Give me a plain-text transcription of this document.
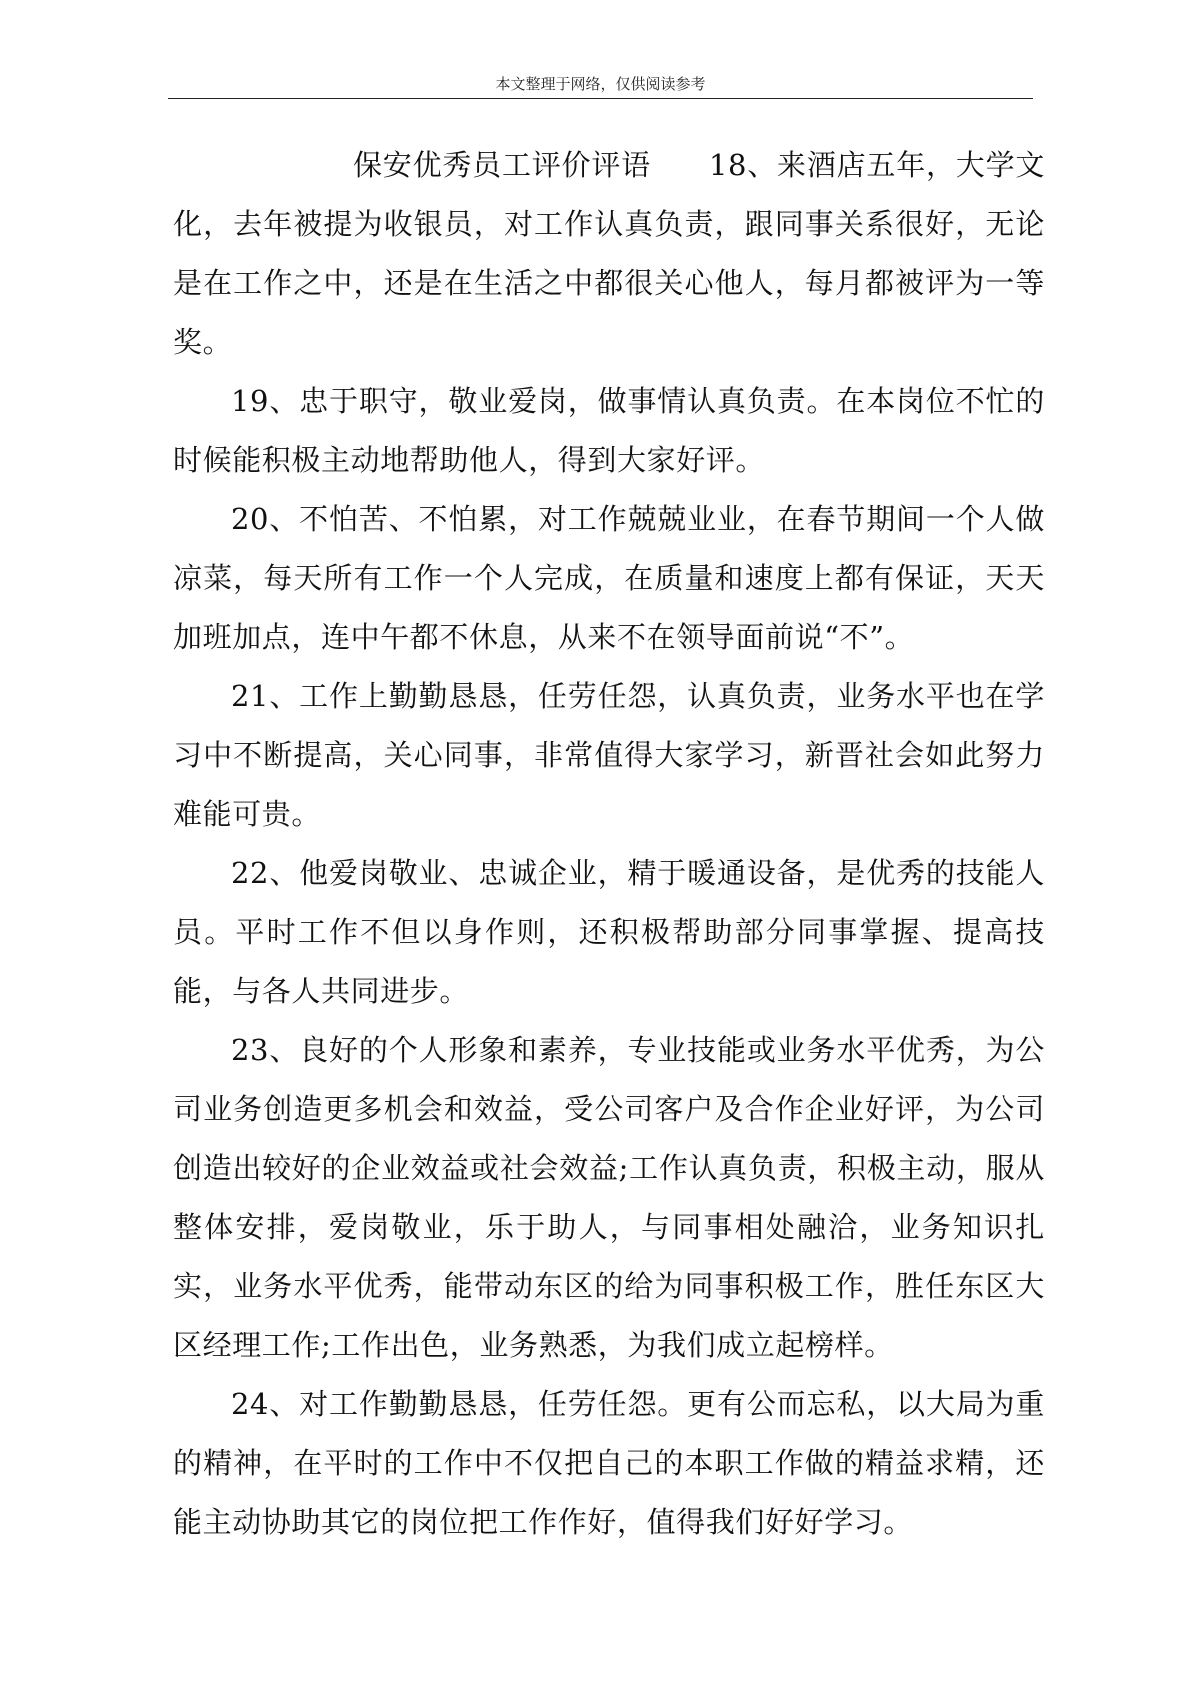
本文整理于网络，仅供阅读参考

保安优秀员工评价评语 18、来酒店五年，大学文化，去年被提为收银员，对工作认真负责，跟同事关系很好，无论是在工作之中，还是在生活之中都很关心他人，每月都被评为一等奖。

19、忠于职守，敬业爱岗，做事情认真负责。在本岗位不忙的时候能积极主动地帮助他人，得到大家好评。

20、不怕苦、不怕累，对工作兢兢业业，在春节期间一个人做凉菜，每天所有工作一个人完成，在质量和速度上都有保证，天天加班加点，连中午都不休息，从来不在领导面前说“不”。

21、工作上勤勤恳恳，任劳任怨，认真负责，业务水平也在学习中不断提高，关心同事，非常值得大家学习，新晋社会如此努力难能可贵。

22、他爱岗敬业、忠诚企业，精于暖通设备，是优秀的技能人员。平时工作不但以身作则，还积极帮助部分同事掌握、提高技能，与各人共同进步。

23、良好的个人形象和素养，专业技能或业务水平优秀，为公司业务创造更多机会和效益，受公司客户及合作企业好评，为公司创造出较好的企业效益或社会效益;工作认真负责，积极主动，服从整体安排，爱岗敬业，乐于助人，与同事相处融洽，业务知识扎实，业务水平优秀，能带动东区的给为同事积极工作，胜任东区大区经理工作;工作出色，业务熟悉，为我们成立起榜样。

24、对工作勤勤恳恳，任劳任怨。更有公而忘私，以大局为重的精神，在平时的工作中不仅把自己的本职工作做的精益求精，还能主动协助其它的岗位把工作作好，值得我们好好学习。
